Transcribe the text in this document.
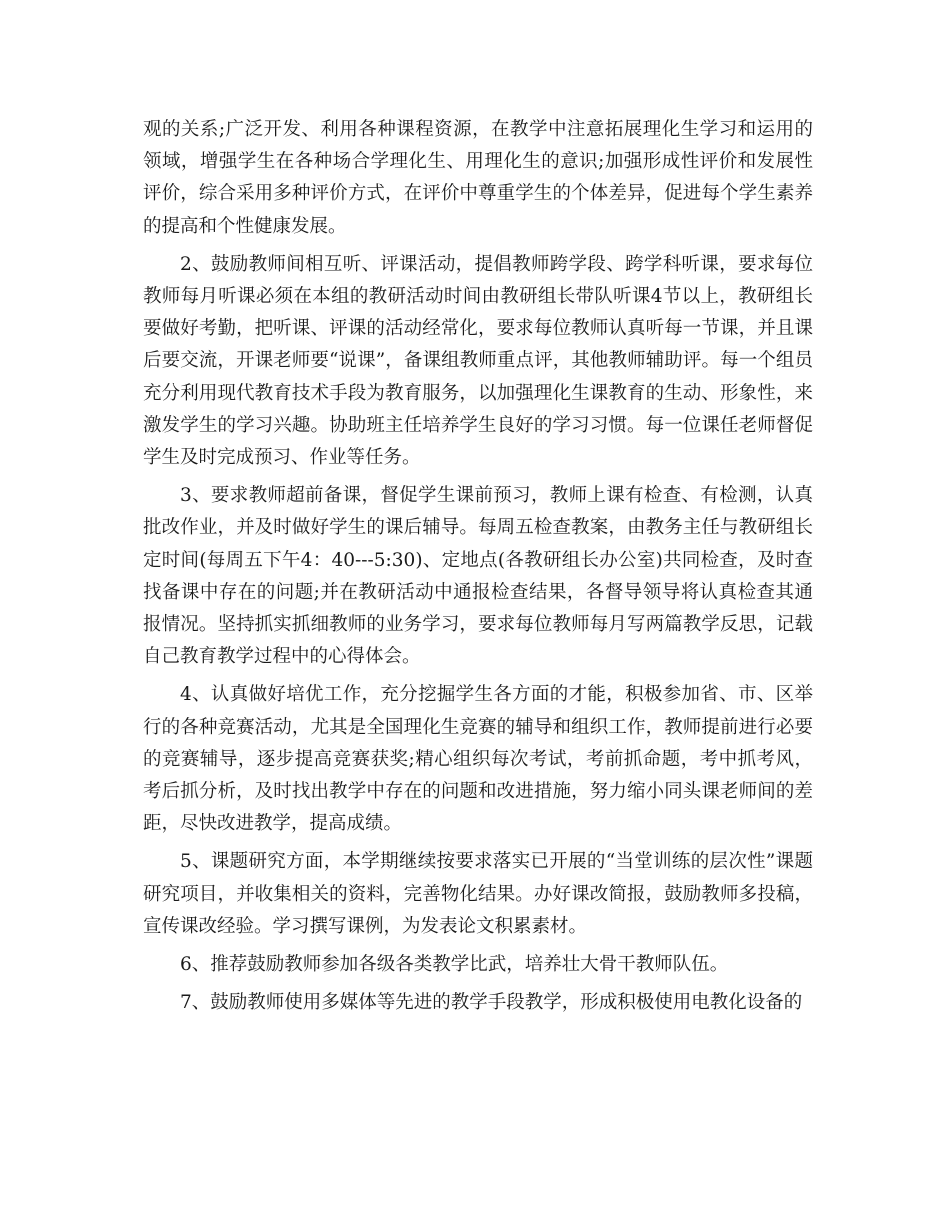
观的关系;广泛开发、利用各种课程资源，在教学中注意拓展理化生学习和运用的领域，增强学生在各种场合学理化生、用理化生的意识;加强形成性评价和发展性评价，综合采用多种评价方式，在评价中尊重学生的个体差异，促进每个学生素养的提高和个性健康发展。

2、鼓励教师间相互听、评课活动，提倡教师跨学段、跨学科听课，要求每位教师每月听课必须在本组的教研活动时间由教研组长带队听课4节以上，教研组长要做好考勤，把听课、评课的活动经常化，要求每位教师认真听每一节课，并且课后要交流，开课老师要“说课”，备课组教师重点评，其他教师辅助评。每一个组员充分利用现代教育技术手段为教育服务，以加强理化生课教育的生动、形象性，来激发学生的学习兴趣。协助班主任培养学生良好的学习习惯。每一位课任老师督促学生及时完成预习、作业等任务。

3、要求教师超前备课，督促学生课前预习，教师上课有检查、有检测，认真批改作业，并及时做好学生的课后辅导。每周五检查教案，由教务主任与教研组长定时间(每周五下午4：40---5:30)、定地点(各教研组长办公室)共同检查，及时查找备课中存在的问题;并在教研活动中通报检查结果，各督导领导将认真检查其通报情况。坚持抓实抓细教师的业务学习，要求每位教师每月写两篇教学反思，记载自己教育教学过程中的心得体会。

4、认真做好培优工作，充分挖掘学生各方面的才能，积极参加省、市、区举行的各种竞赛活动，尤其是全国理化生竞赛的辅导和组织工作，教师提前进行必要的竞赛辅导，逐步提高竞赛获奖;精心组织每次考试，考前抓命题，考中抓考风，考后抓分析，及时找出教学中存在的问题和改进措施，努力缩小同头课老师间的差距，尽快改进教学，提高成绩。

5、课题研究方面，本学期继续按要求落实已开展的“当堂训练的层次性”课题研究项目，并收集相关的资料，完善物化结果。办好课改简报，鼓励教师多投稿，宣传课改经验。学习撰写课例，为发表论文积累素材。

6、推荐鼓励教师参加各级各类教学比武，培养壮大骨干教师队伍。

7、鼓励教师使用多媒体等先进的教学手段教学，形成积极使用电教化设备的
